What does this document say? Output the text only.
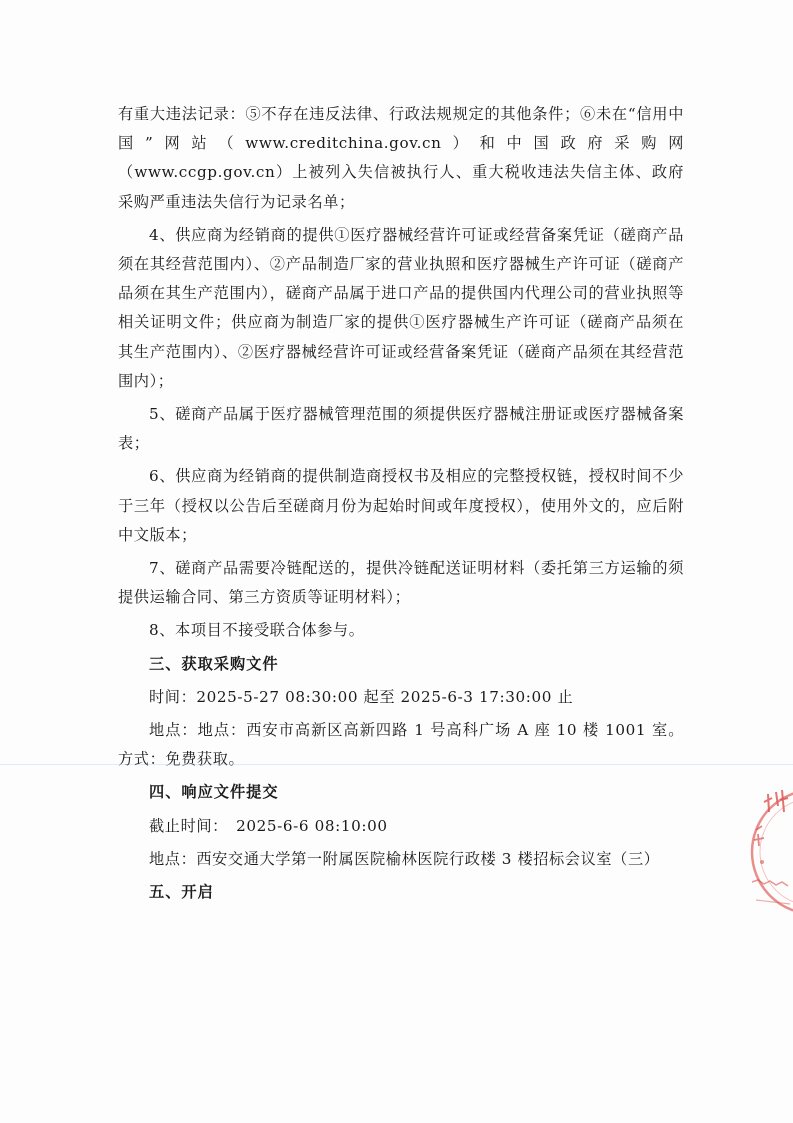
有重大违法记录：⑤不存在违反法律、行政法规规定的其他条件；⑥未在“信用中国”网站（www.creditchina.gov.cn）和中国政府采购网（www.ccgp.gov.cn）上被列入失信被执行人、重大税收违法失信主体、政府采购严重违法失信行为记录名单；

4、供应商为经销商的提供①医疗器械经营许可证或经营备案凭证（磋商产品须在其经营范围内）、②产品制造厂家的营业执照和医疗器械生产许可证（磋商产品须在其生产范围内），磋商产品属于进口产品的提供国内代理公司的营业执照等相关证明文件；供应商为制造厂家的提供①医疗器械生产许可证（磋商产品须在其生产范围内）、②医疗器械经营许可证或经营备案凭证（磋商产品须在其经营范围内）；

5、磋商产品属于医疗器械管理范围的须提供医疗器械注册证或医疗器械备案表；

6、供应商为经销商的提供制造商授权书及相应的完整授权链，授权时间不少于三年（授权以公告后至磋商月份为起始时间或年度授权），使用外文的，应后附中文版本；

7、磋商产品需要冷链配送的，提供冷链配送证明材料（委托第三方运输的须提供运输合同、第三方资质等证明材料）；

8、本项目不接受联合体参与。

三、获取采购文件

时间：2025-5-27 08:30:00 起至 2025-6-3 17:30:00 止

地点：地点：西安市高新区高新四路 1 号高科广场 A 座 10 楼 1001 室。方式：免费获取。

四、响应文件提交

截止时间：　2025-6-6 08:10:00

地点：西安交通大学第一附属医院榆林医院行政楼 3 楼招标会议室（三）

五、开启
